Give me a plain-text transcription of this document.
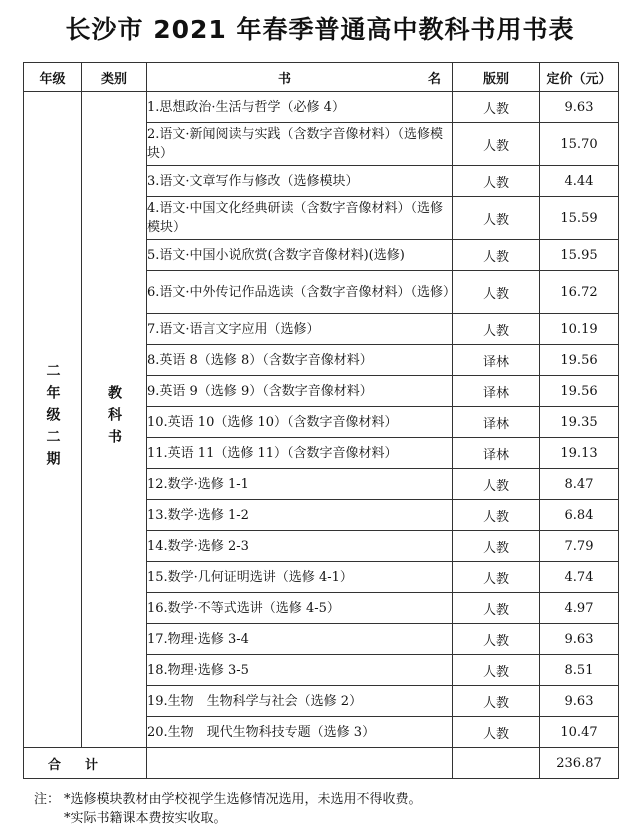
长沙市 2021 年春季普通高中教科书用书表
年级	类别	书 名	版别	定价（元）
二年级二期	教科书	1.思想政治·生活与哲学（必修 4）	人教	9.63
		2.语文·新闻阅读与实践（含数字音像材料）（选修模块）	人教	15.70
		3.语文·文章写作与修改（选修模块）	人教	4.44
		4.语文·中国文化经典研读（含数字音像材料）（选修模块）	人教	15.59
		5.语文·中国小说欣赏(含数字音像材料)(选修)	人教	15.95
		6.语文·中外传记作品选读（含数字音像材料）（选修）	人教	16.72
		7.语文·语言文字应用（选修）	人教	10.19
		8.英语 8（选修 8）（含数字音像材料）	译林	19.56
		9.英语 9（选修 9）（含数字音像材料）	译林	19.56
		10.英语 10（选修 10）（含数字音像材料）	译林	19.35
		11.英语 11（选修 11）（含数字音像材料）	译林	19.13
		12.数学·选修 1-1	人教	8.47
		13.数学·选修 1-2	人教	6.84
		14.数学·选修 2-3	人教	7.79
		15.数学·几何证明选讲（选修 4-1）	人教	4.74
		16.数学·不等式选讲（选修 4-5）	人教	4.97
		17.物理·选修 3-4	人教	9.63
		18.物理·选修 3-5	人教	8.51
		19.生物　生物科学与社会（选修 2）	人教	9.63
		20.生物　现代生物科技专题（选修 3）	人教	10.47
合计				236.87
注： *选修模块教材由学校视学生选修情况选用，未选用不得收费。
*实际书籍课本费按实收取。
